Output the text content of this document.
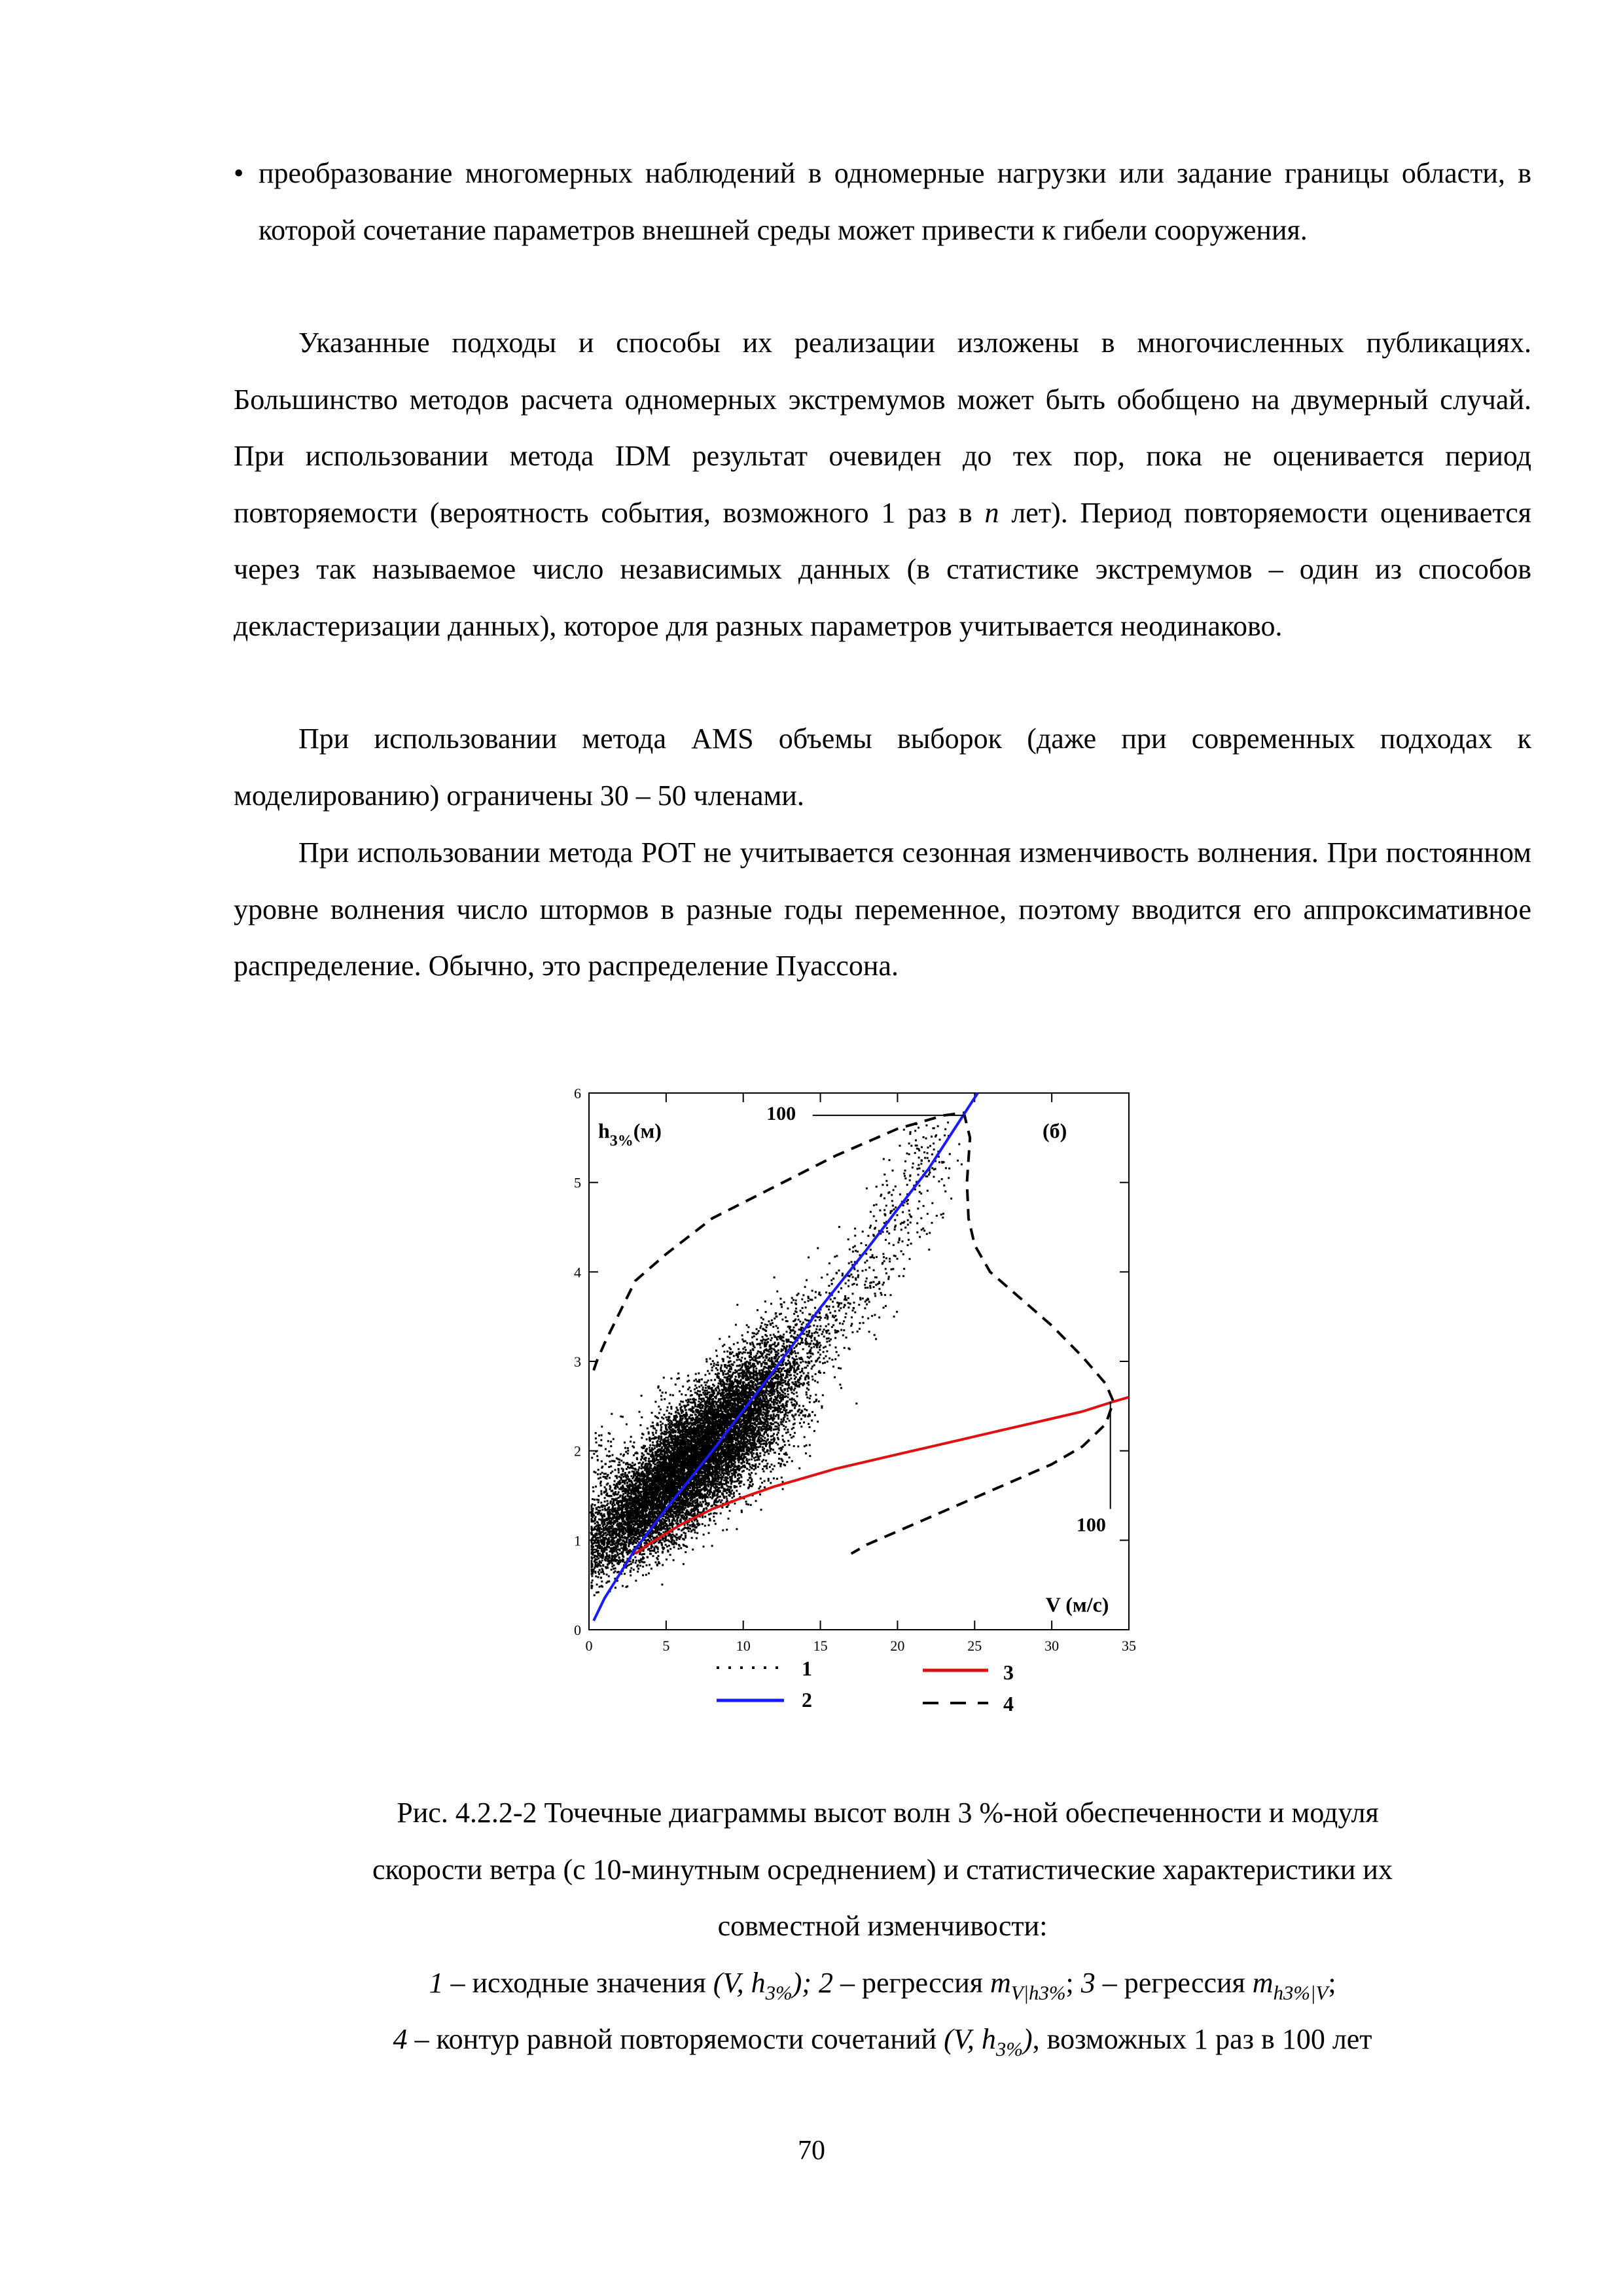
• преобразование многомерных наблюдений в одномерные нагрузки или задание границы области, в которой сочетание параметров внешней среды может привести к гибели сооружения.

Указанные подходы и способы их реализации изложены в многочисленных публикациях. Большинство методов расчета одномерных экстремумов может быть обобщено на двумерный случай. При использовании метода IDM результат очевиден до тех пор, пока не оценивается период повторяемости (вероятность события, возможного 1 раз в n лет). Период повторяемости оценивается через так называемое число независимых данных (в статистике экстремумов – один из способов декластеризации данных), которое для разных параметров учитывается неодинаково.

При использовании метода AMS объемы выборок (даже при современных подходах к моделированию) ограничены 30 – 50 членами.

При использовании метода POT не учитывается сезонная изменчивость волнения. При постоянном уровне волнения число штормов в разные годы переменное, поэтому вводится его аппроксимативное распределение. Обычно, это распределение Пуассона.

0	5	10	15	20	25	30	35
0
1
2
3
4
5
6
100
100
(б)
$h_{3\%}(м)$
V (м/с)
1
2
3
4
Рис. 4.2.2-2 Точечные диаграммы высот волн 3 %-ной обеспеченности и модуля
скорости ветра (с 10-минутным осреднением) и статистические характеристики их
совместной изменчивости:
1 – исходные значения (V, $h_{3\%}$); 2 – регрессия $m_{V|h3\%}$; 3 – регрессия $m_{h3\%|V}$;
4 – контур равной повторяемости сочетаний (V, $h_{3\%}$), возможных 1 раз в 100 лет
70
